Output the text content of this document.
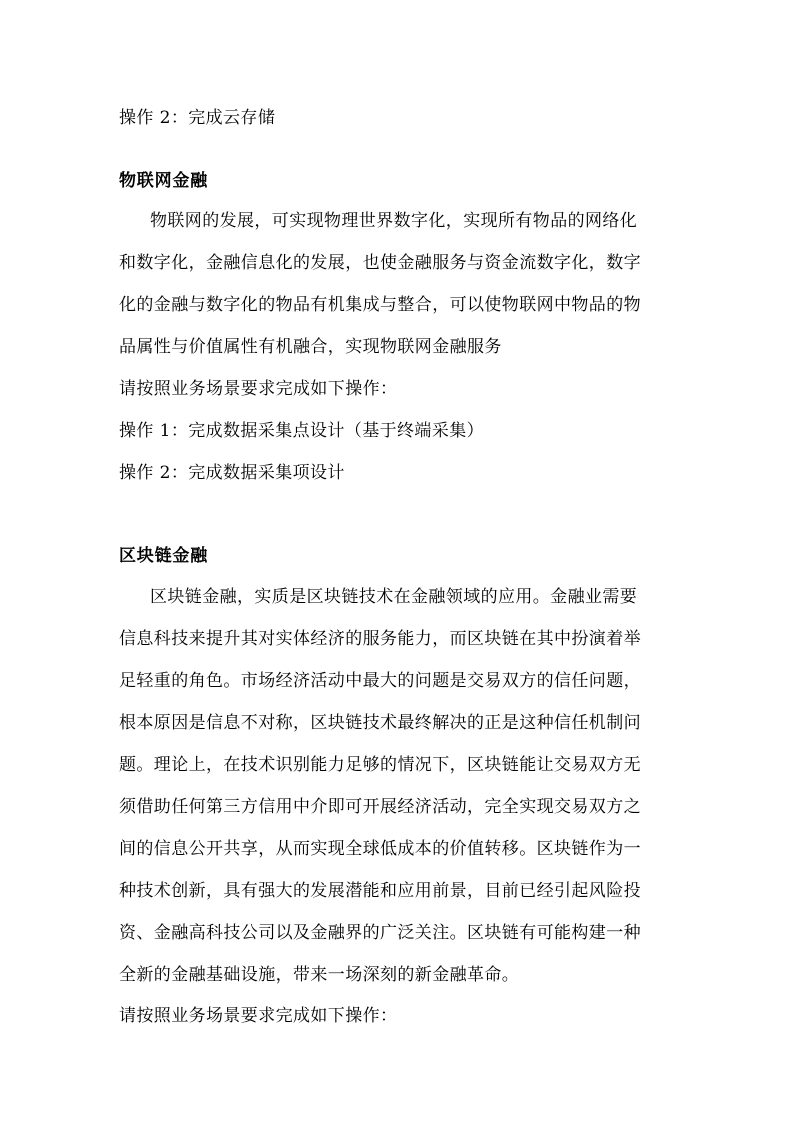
操作 2：完成云存储
物联网金融
物联网的发展，可实现物理世界数字化，实现所有物品的网络化
和数字化，金融信息化的发展，也使金融服务与资金流数字化，数字
化的金融与数字化的物品有机集成与整合，可以使物联网中物品的物
品属性与价值属性有机融合，实现物联网金融服务
请按照业务场景要求完成如下操作：
操作 1：完成数据采集点设计（基于终端采集）
操作 2：完成数据采集项设计
区块链金融
区块链金融，实质是区块链技术在金融领域的应用。金融业需要
信息科技来提升其对实体经济的服务能力，而区块链在其中扮演着举
足轻重的角色。市场经济活动中最大的问题是交易双方的信任问题，
根本原因是信息不对称，区块链技术最终解决的正是这种信任机制问
题。理论上，在技术识别能力足够的情况下，区块链能让交易双方无
须借助任何第三方信用中介即可开展经济活动，完全实现交易双方之
间的信息公开共享，从而实现全球低成本的价值转移。区块链作为一
种技术创新，具有强大的发展潜能和应用前景，目前已经引起风险投
资、金融高科技公司以及金融界的广泛关注。区块链有可能构建一种
全新的金融基础设施，带来一场深刻的新金融革命。
请按照业务场景要求完成如下操作：
